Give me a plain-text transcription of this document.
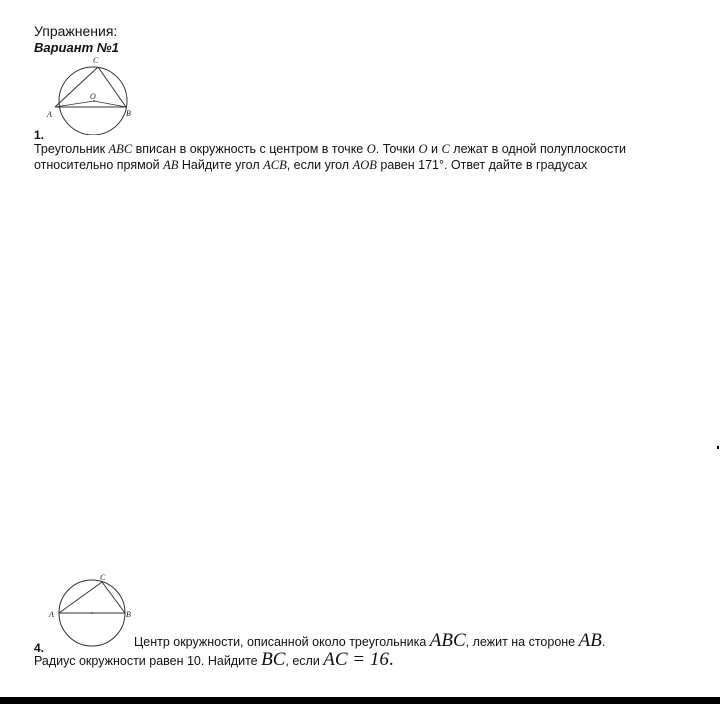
Упражнения:
Вариант №1
C
O
A	B
1.
Треугольник ABC вписан в окружность с центром в точке O. Точки O и C лежат в одной полуплоскости относительно прямой AB Найдите угол ACB, если угол AOB равен 171°. Ответ дайте в градусах
C
A	B
4.	Центр окружности, описанной около треугольника ABC, лежит на стороне AB.
Радиус окружности равен 10. Найдите BC, если AC = 16.
